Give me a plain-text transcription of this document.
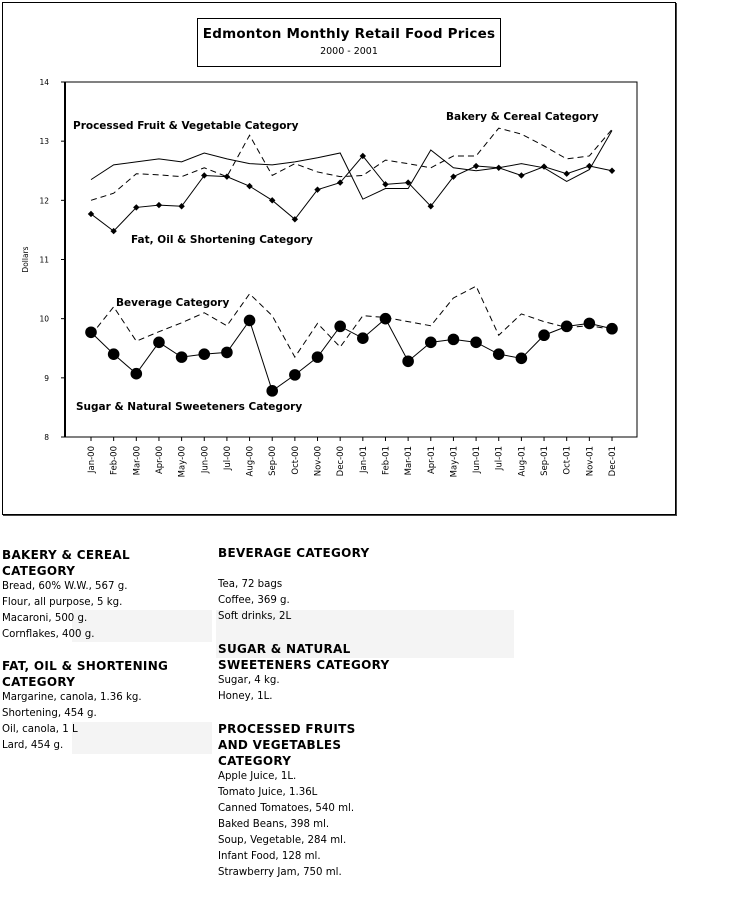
8
9
10
11
12
13
14
Dollars
Jan-00 Feb-00 Mar-00 Apr-00 May-00 Jun-00 Jul-00 Aug-00 Sep-00 Oct-00 Nov-00 Dec-00 Jan-01 Feb-01 Mar-01 Apr-01 May-01 Jun-01 Jul-01 Aug-01 Sep-01 Oct-01 Nov-01 Dec-01
Processed Fruit & Vegetable Category
Bakery & Cereal Category
Fat, Oil & Shortening Category
Beverage Category
Sugar & Natural Sweeteners Category
Edmonton Monthly Retail Food Prices
2000 - 2001
BAKERY & CEREAL CATEGORY
Bread, 60% W.W., 567 g.
Flour, all purpose, 5 kg.
Macaroni, 500 g.
Cornflakes, 400 g.
FAT, OIL & SHORTENING CATEGORY
Margarine, canola, 1.36 kg.
Shortening, 454 g.
Oil, canola, 1 L
Lard, 454 g.
BEVERAGE CATEGORY
Tea, 72 bags
Coffee, 369 g.
Soft drinks, 2L
SUGAR & NATURAL SWEETENERS CATEGORY
Sugar, 4 kg.
Honey, 1L.
PROCESSED FRUITS AND VEGETABLES CATEGORY
Apple Juice, 1L.
Tomato Juice, 1.36L
Canned Tomatoes, 540 ml.
Baked Beans, 398 ml.
Soup, Vegetable, 284 ml.
Infant Food, 128 ml.
Strawberry Jam, 750 ml.
